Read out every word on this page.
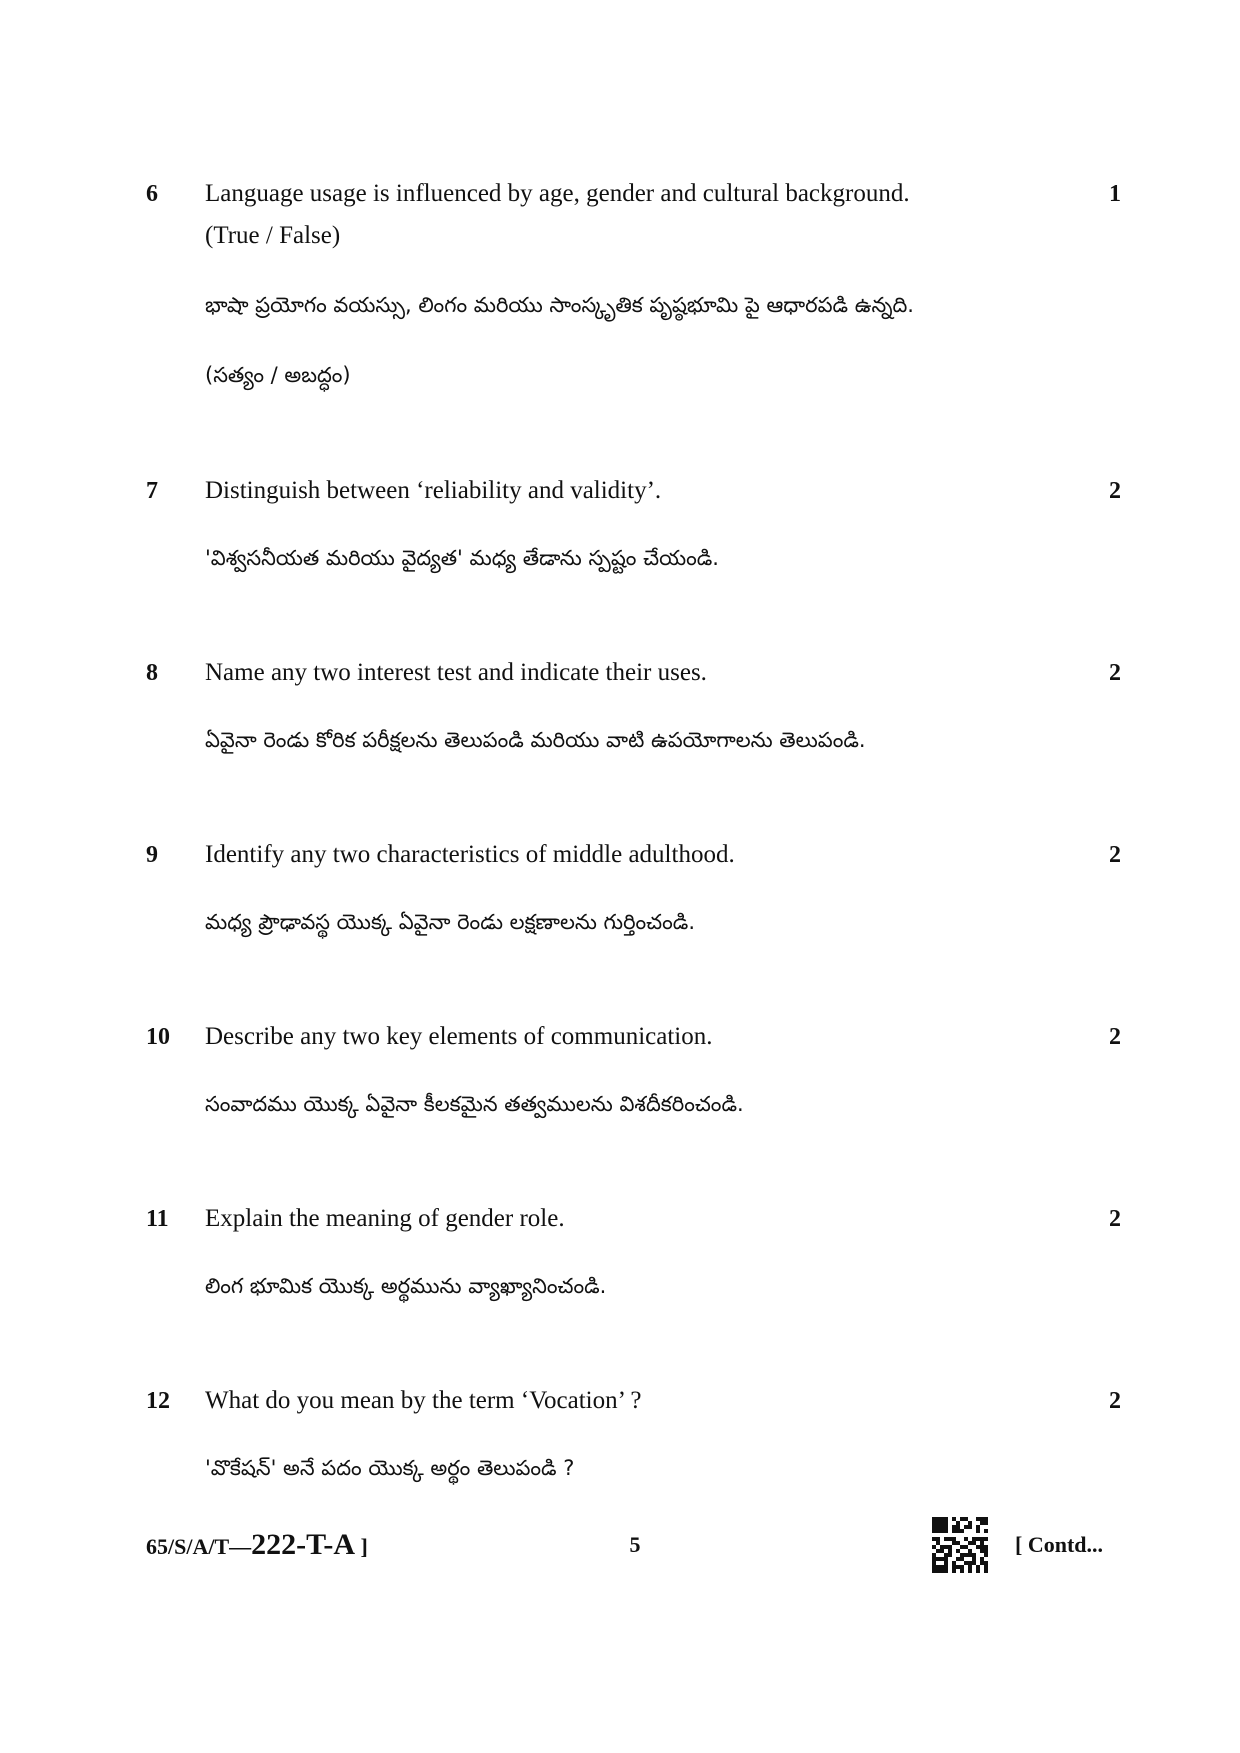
6 Language usage is influenced by age, gender and cultural background.
(True / False)
1
భాషా ప్రయోగం వయస్సు, లింగం మరియు సాంస్కృతిక పృష్ఠభూమి పై ఆధారపడి ఉన్నది.
(సత్యం / అబద్ధం)
7 Distinguish between ‘reliability and validity’.	2
'విశ్వసనీయత మరియు వైద్యత' మధ్య తేడాను స్పష్టం చేయండి.
8 Name any two interest test and indicate their uses.	2
ఏవైనా రెండు కోరిక పరీక్షలను తెలుపండి మరియు వాటి ఉపయోగాలను తెలుపండి.
9 Identify any two characteristics of middle adulthood.	2
మధ్య ప్రౌఢావస్థ యొక్క ఏవైనా రెండు లక్షణాలను గుర్తించండి.
10 Describe any two key elements of communication.	2
సంవాదము యొక్క ఏవైనా కీలకమైన తత్వములను విశదీకరించండి.
11 Explain the meaning of gender role.	2
లింగ భూమిక యొక్క అర్థమును వ్యాఖ్యానించండి.
12 What do you mean by the term ‘Vocation’ ?	2
'వొకేషన్' అనే పదం యొక్క అర్థం తెలుపండి ?
65/S/A/T—222-T-A ]	5	[ Contd...
